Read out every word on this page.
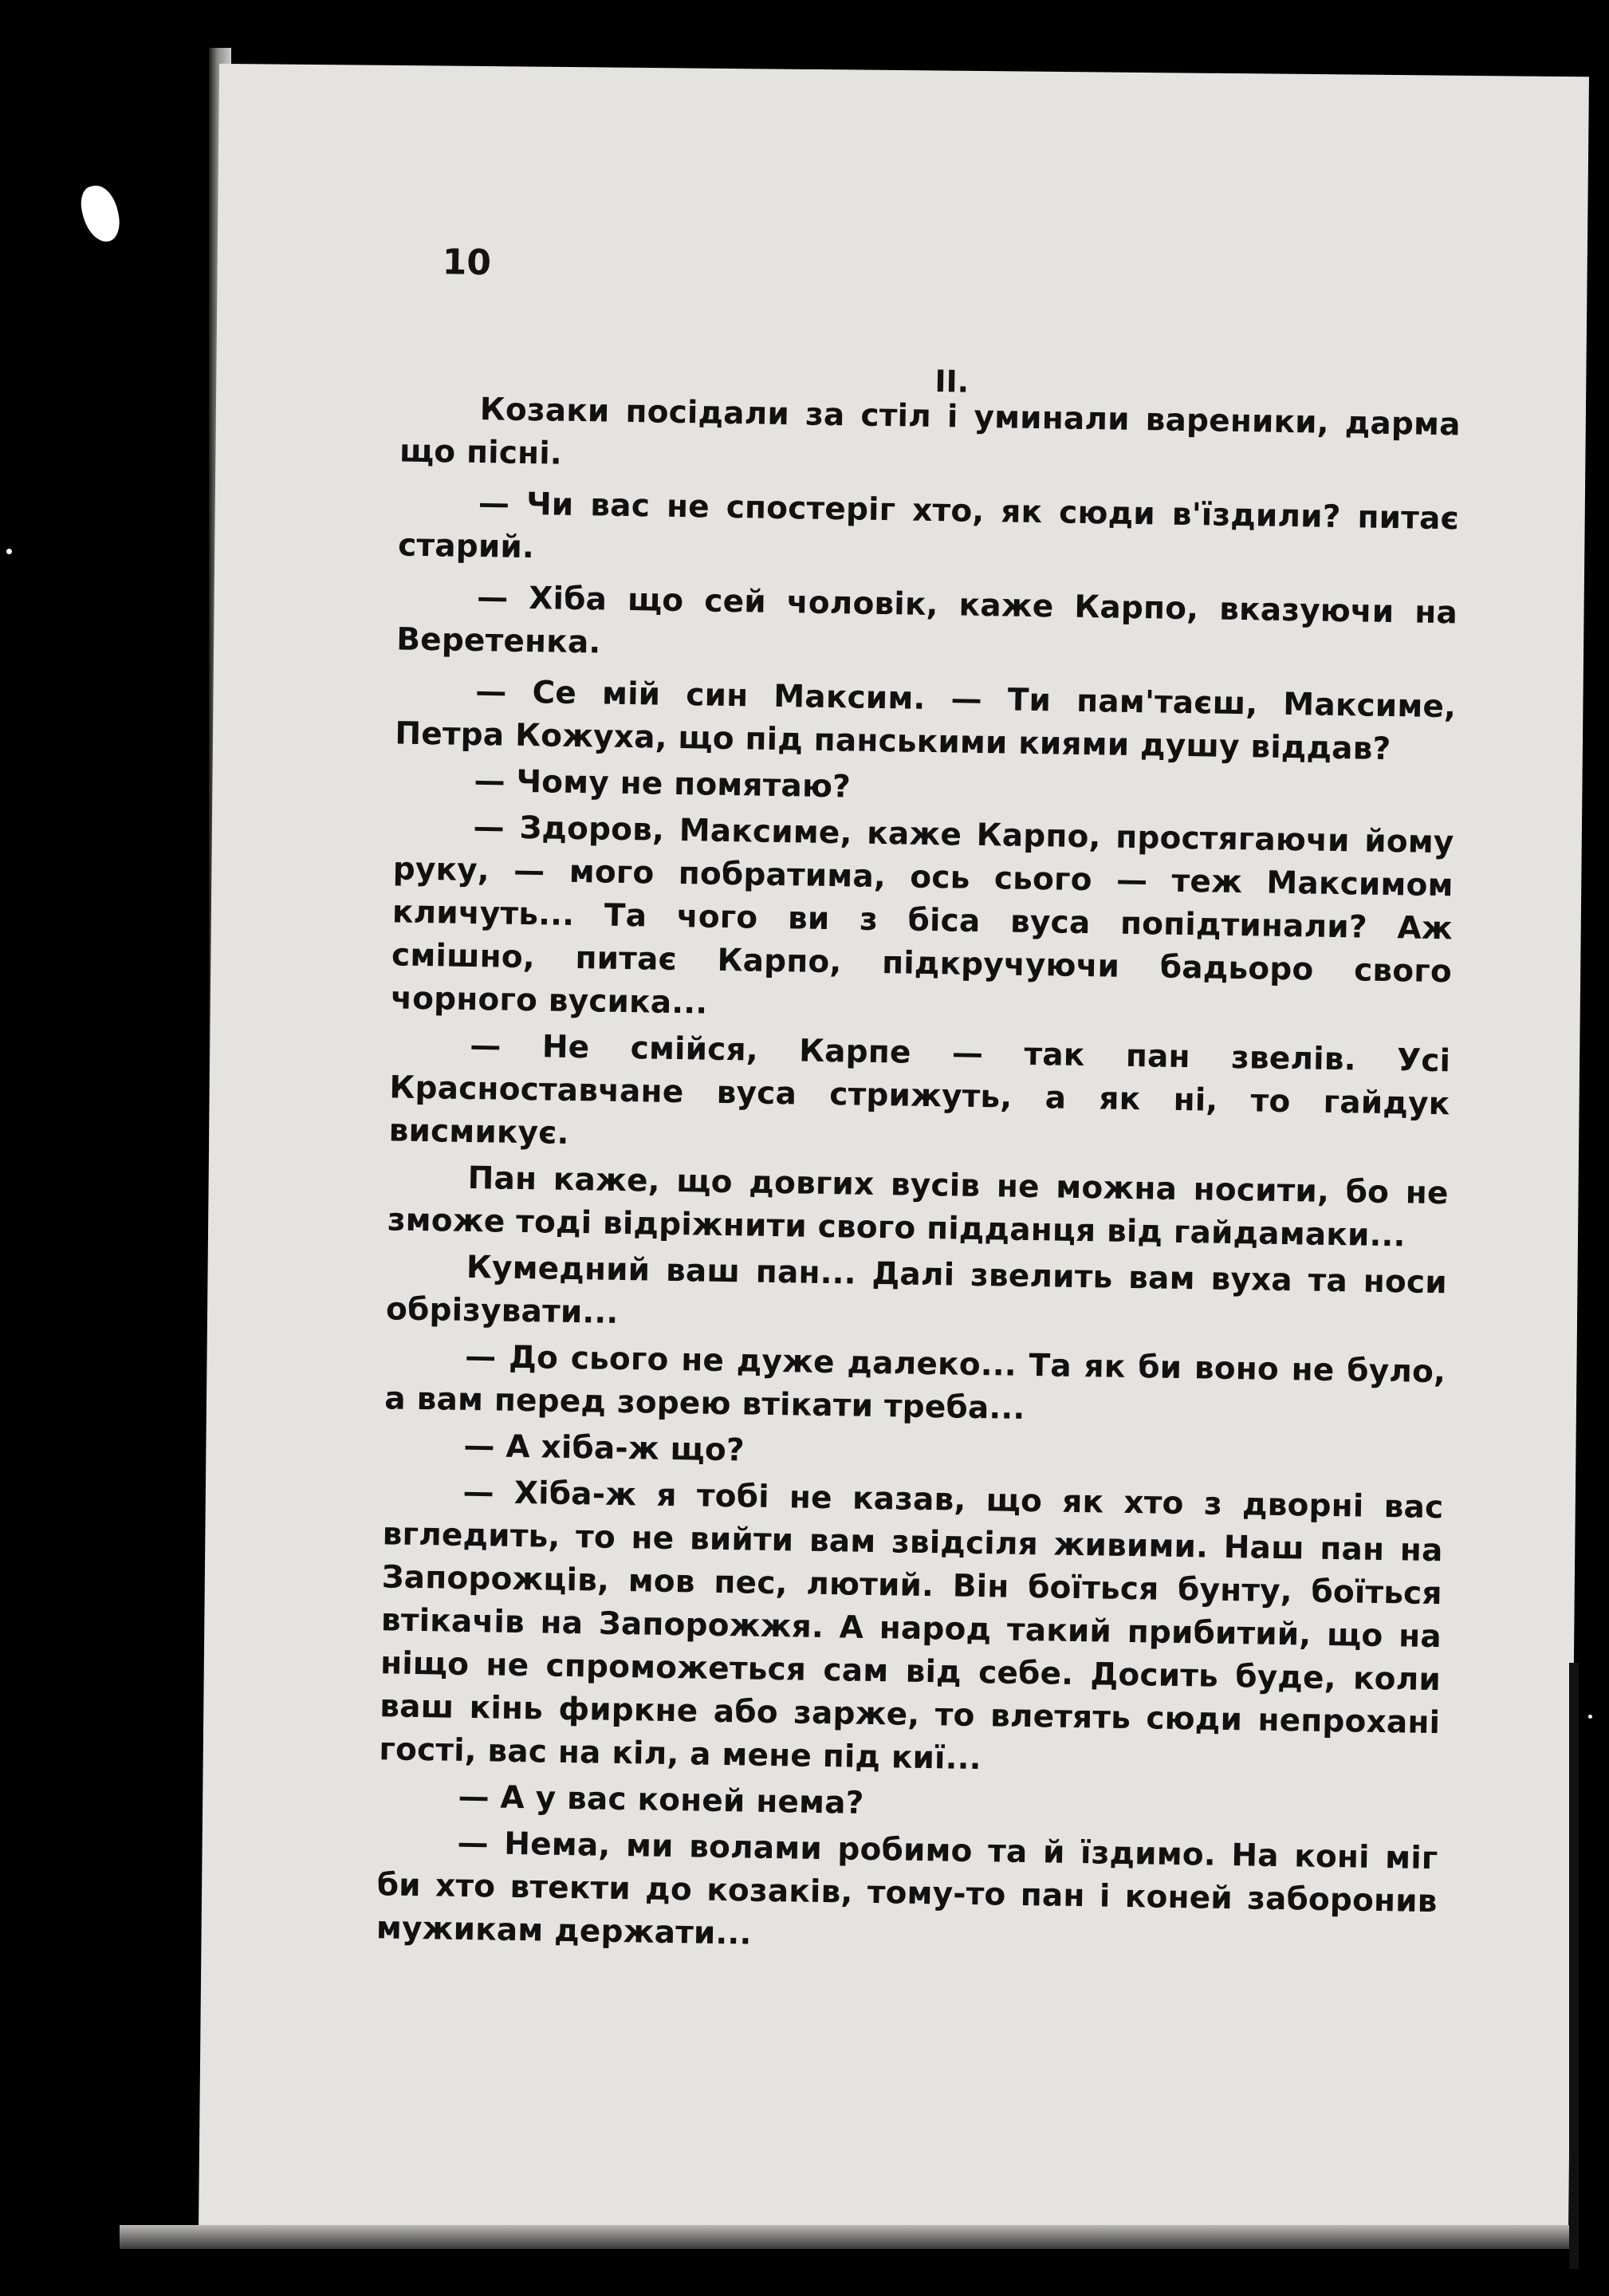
10
II.

Козаки посідали за стіл і уминали вареники, дарма що пісні.

— Чи вас не спостеріг хто, як сюди в'їздили? питає старий.

— Хіба що сей чоловік, каже Карпо, вказуючи на Веретенка.

— Се мій син Максим. — Ти пам'таєш, Максиме, Петра Кожуха, що під панськими киями душу віддав?

— Чому не помятаю?

— Здоров, Максиме, каже Карпо, простягаючи йому руку, — мого побратима, ось сього — теж Максимом кличуть... Та чого ви з біса вуса попідтинали? Аж смішно, питає Карпо, підкручуючи бадьоро свого чорного вусика...

— Не смійся, Карпе — так пан звелів. Усі Красноставчане вуса стрижуть, а як ні, то гайдук висмикує.

Пан каже, що довгих вусів не можна носити, бо не зможе тоді відріжнити свого підданця від гайдамаки...

Кумедний ваш пан... Далі звелить вам вуха та носи обрізувати...

— До сього не дуже далеко... Та як би воно не було, а вам перед зорею втікати треба...

— А хіба-ж що?

— Хіба-ж я тобі не казав, що як хто з дворні вас вгледить, то не вийти вам звідсіля живими. Наш пан на Запорожців, мов пес, лютий. Він боїться бунту, боїться втікачів на Запорожжя. А народ такий прибитий, що на ніщо не спроможеться сам від себе. Досить буде, коли ваш кінь фиркне або зарже, то влетять сюди непрохані гості, вас на кіл, а мене під киї...

— А у вас коней нема?

— Нема, ми волами робимо та й їздимо. На коні міг би хто втекти до козаків, тому-то пан і коней заборонив мужикам держати...
